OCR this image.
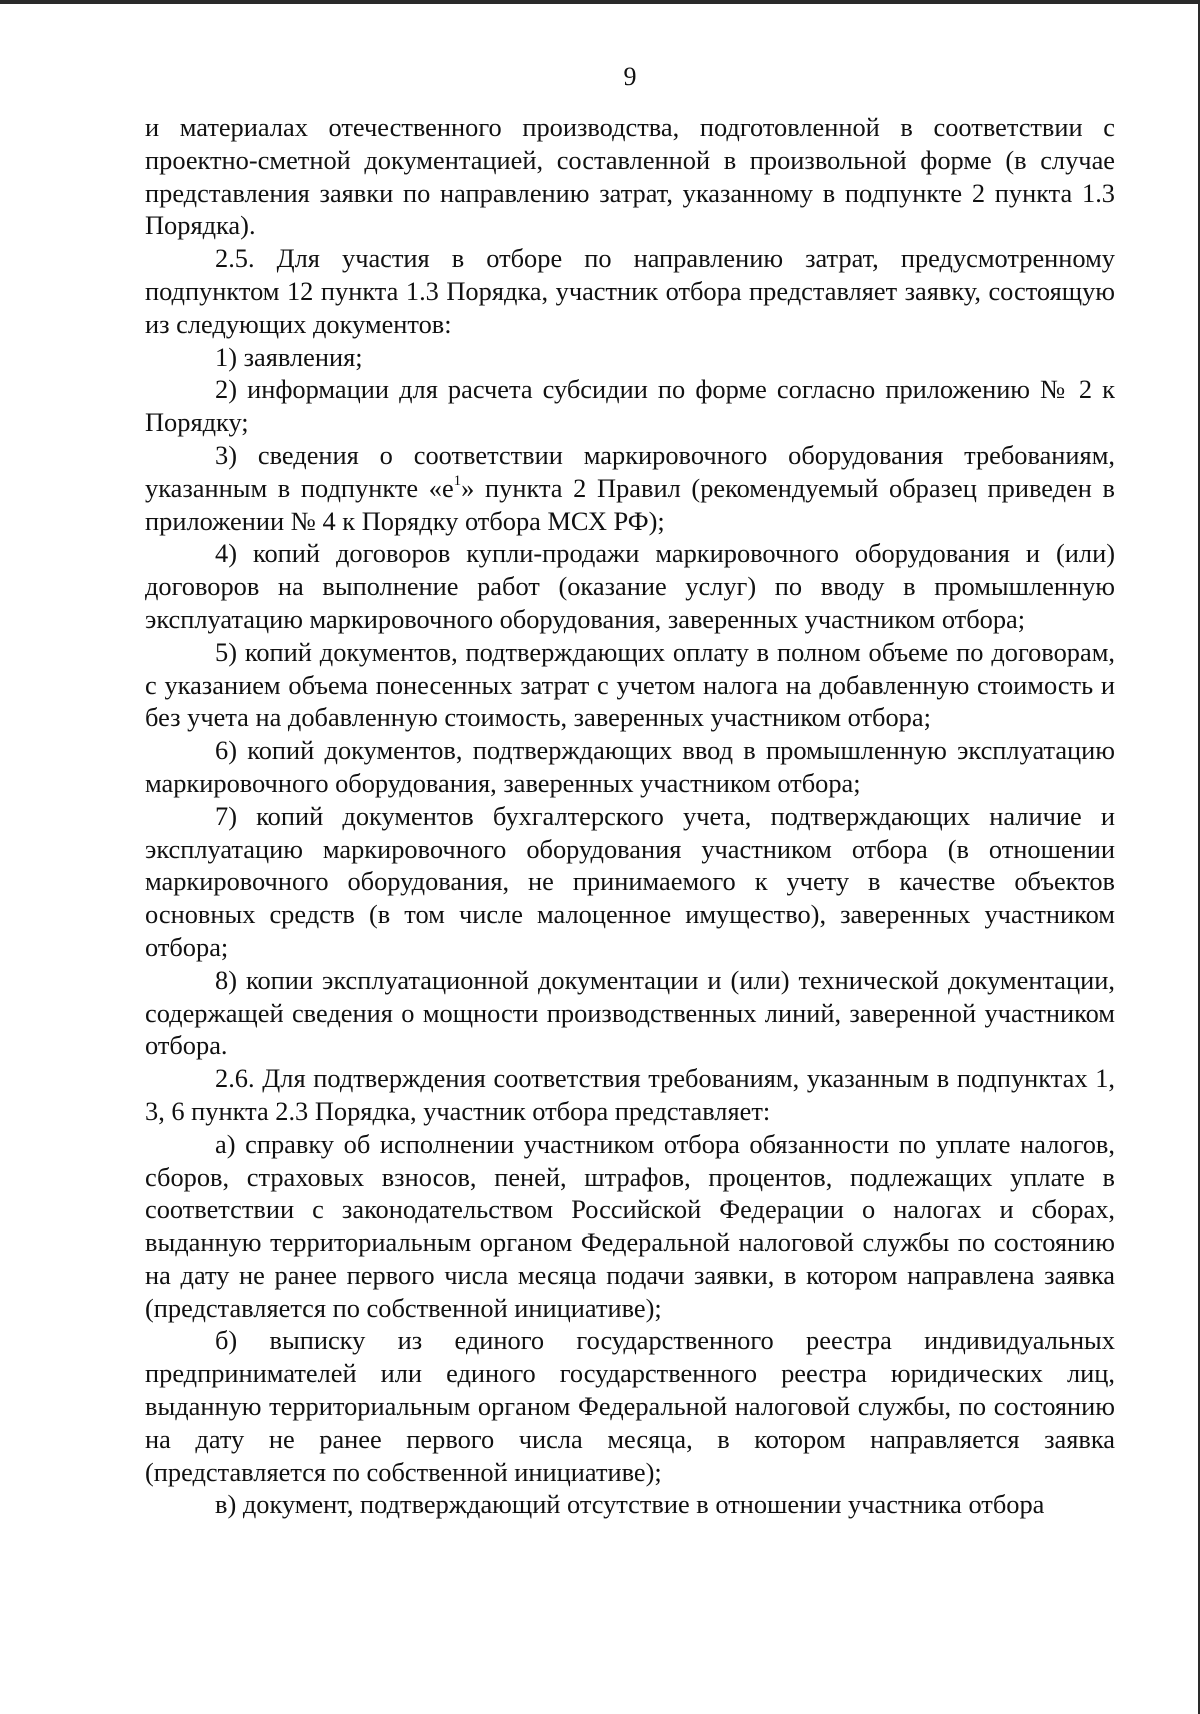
9

и материалах отечественного производства, подготовленной в соответствии с проектно-сметной документацией, составленной в произвольной форме (в случае представления заявки по направлению затрат, указанному в подпункте 2 пункта 1.3 Порядка).

2.5. Для участия в отборе по направлению затрат, предусмотренному подпунктом 12 пункта 1.3 Порядка, участник отбора представляет заявку, состоящую из следующих документов:

1) заявления;

2) информации для расчета субсидии по форме согласно приложению № 2 к Порядку;

3) сведения о соответствии маркировочного оборудования требованиям, указанным в подпункте «$е^1$» пункта 2 Правил (рекомендуемый образец приведен в приложении № 4 к Порядку отбора МСХ РФ);

4) копий договоров купли-продажи маркировочного оборудования и (или) договоров на выполнение работ (оказание услуг) по вводу в промышленную эксплуатацию маркировочного оборудования, заверенных участником отбора;

5) копий документов, подтверждающих оплату в полном объеме по договорам, с указанием объема понесенных затрат с учетом налога на добавленную стоимость и без учета на добавленную стоимость, заверенных участником отбора;

6) копий документов, подтверждающих ввод в промышленную эксплуатацию маркировочного оборудования, заверенных участником отбора;

7) копий документов бухгалтерского учета, подтверждающих наличие и эксплуатацию маркировочного оборудования участником отбора (в отношении маркировочного оборудования, не принимаемого к учету в качестве объектов основных средств (в том числе малоценное имущество), заверенных участником отбора;

8) копии эксплуатационной документации и (или) технической документации, содержащей сведения о мощности производственных линий, заверенной участником отбора.

2.6. Для подтверждения соответствия требованиям, указанным в подпунктах 1, 3, 6 пункта 2.3 Порядка, участник отбора представляет:

а) справку об исполнении участником отбора обязанности по уплате налогов, сборов, страховых взносов, пеней, штрафов, процентов, подлежащих уплате в соответствии с законодательством Российской Федерации о налогах и сборах, выданную территориальным органом Федеральной налоговой службы по состоянию на дату не ранее первого числа месяца подачи заявки, в котором направлена заявка (представляется по собственной инициативе);

б) выписку из единого государственного реестра индивидуальных предпринимателей или единого государственного реестра юридических лиц, выданную территориальным органом Федеральной налоговой службы, по состоянию на дату не ранее первого числа месяца, в котором направляется заявка (представляется по собственной инициативе);

в) документ, подтверждающий отсутствие в отношении участника отбора
